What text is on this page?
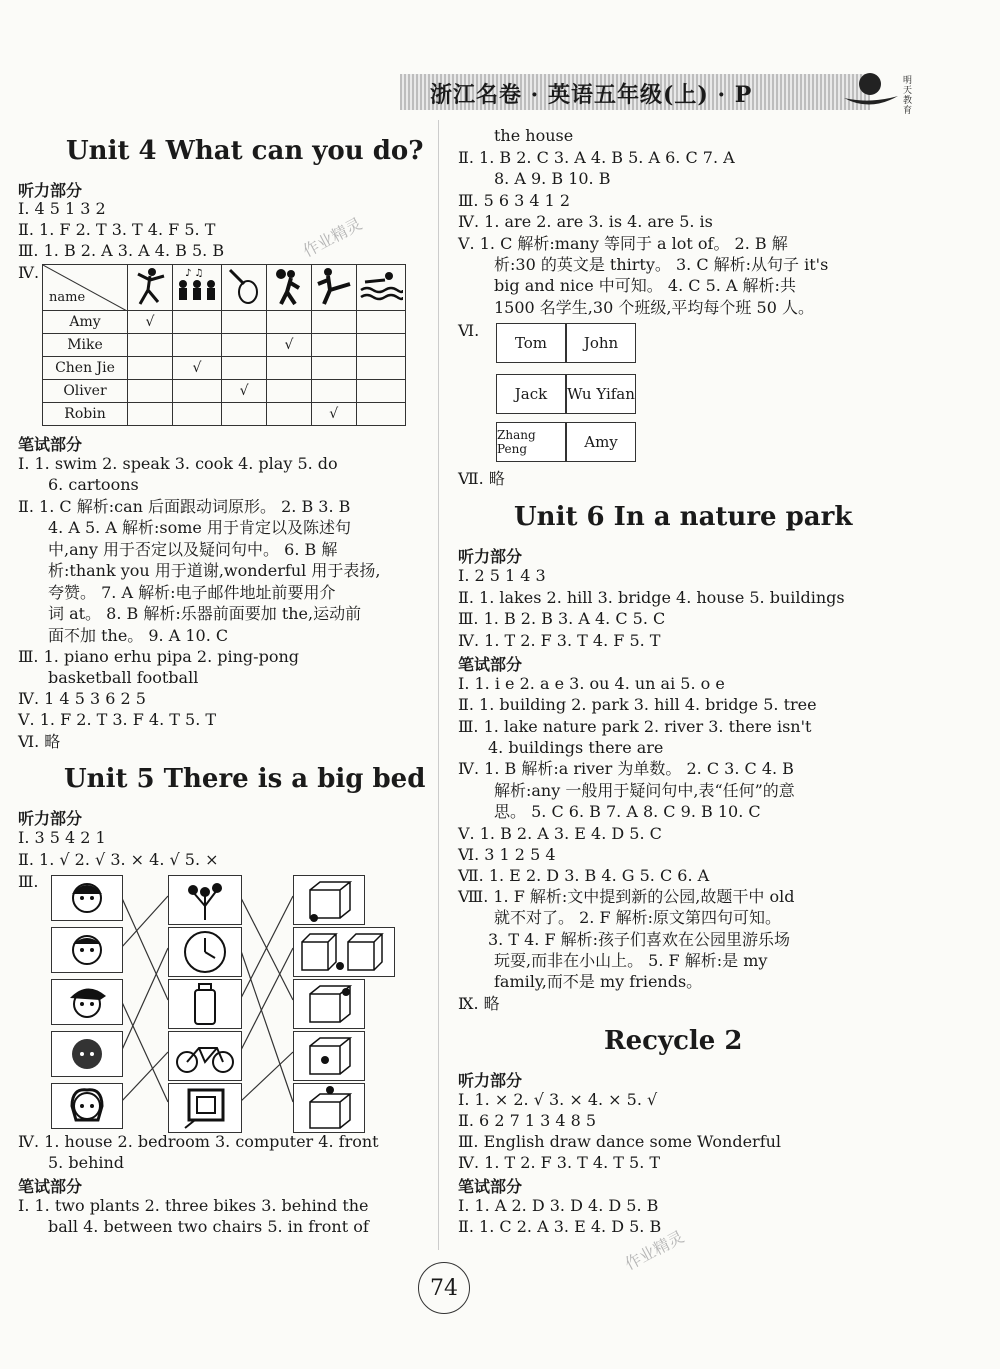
浙江名卷 · 英语五年级(上) · P
明天教育
Unit 4 What can you do?
听力部分
Ⅰ. 4 5 1 3 2
Ⅱ. 1. F 2. T 3. T 4. F 5. T
Ⅲ. 1. B 2. A 3. A 4. B 5. B
Ⅳ.
name		♪ ♫

Amy	√					
Mike				√		
Chen Jie		√				
Oliver			√			
Robin					√	
笔试部分
Ⅰ. 1. swim 2. speak 3. cook 4. play 5. do
6. cartoons
Ⅱ. 1. C 解析:can 后面跟动词原形。 2. B 3. B
4. A 5. A 解析:some 用于肯定以及陈述句
中,any 用于否定以及疑问句中。 6. B 解
析:thank you 用于道谢,wonderful 用于表扬,
夸赞。 7. A 解析:电子邮件地址前要用介
词 at。 8. B 解析:乐器前面要加 the,运动前
面不加 the。 9. A 10. C
Ⅲ. 1. piano erhu pipa 2. ping-pong
basketball football
Ⅳ. 1 4 5 3 6 2 5
Ⅴ. 1. F 2. T 3. F 4. T 5. T
Ⅵ. 略
Unit 5 There is a big bed
听力部分
Ⅰ. 3 5 4 2 1
Ⅱ. 1. √ 2. √ 3. × 4. √ 5. ×
Ⅲ.
Ⅳ. 1. house 2. bedroom 3. computer 4. front
5. behind
笔试部分
Ⅰ. 1. two plants 2. three bikes 3. behind the
ball 4. between two chairs 5. in front of
the house
Ⅱ. 1. B 2. C 3. A 4. B 5. A 6. C 7. A
8. A 9. B 10. B
Ⅲ. 5 6 3 4 1 2
Ⅳ. 1. are 2. are 3. is 4. are 5. is
Ⅴ. 1. C 解析:many 等同于 a lot of。 2. B 解
析:30 的英文是 thirty。 3. C 解析:从句子 it's
big and nice 中可知。 4. C 5. A 解析:共
1500 名学生,30 个班级,平均每个班 50 人。
Ⅵ.
Tom	John
Jack	Wu Yifan
Zhang Peng	Amy
Ⅶ. 略
Unit 6 In a nature park
听力部分
Ⅰ. 2 5 1 4 3
Ⅱ. 1. lakes 2. hill 3. bridge 4. house 5. buildings
Ⅲ. 1. B 2. B 3. A 4. C 5. C
Ⅳ. 1. T 2. F 3. T 4. F 5. T
笔试部分
Ⅰ. 1. i e 2. a e 3. ou 4. un ai 5. o e
Ⅱ. 1. building 2. park 3. hill 4. bridge 5. tree
Ⅲ. 1. lake nature park 2. river 3. there isn't
4. buildings there are
Ⅳ. 1. B 解析:a river 为单数。 2. C 3. C 4. B
解析:any 一般用于疑问句中,表“任何”的意
思。 5. C 6. B 7. A 8. C 9. B 10. C
Ⅴ. 1. B 2. A 3. E 4. D 5. C
Ⅵ. 3 1 2 5 4
Ⅶ. 1. E 2. D 3. B 4. G 5. C 6. A
Ⅷ. 1. F 解析:文中提到新的公园,故题干中 old
就不对了。 2. F 解析:原文第四句可知。
3. T 4. F 解析:孩子们喜欢在公园里游乐场
玩耍,而非在小山上。 5. F 解析:是 my
family,而不是 my friends。
Ⅸ. 略
Recycle 2
听力部分
Ⅰ. 1. × 2. √ 3. × 4. × 5. √
Ⅱ. 6 2 7 1 3 4 8 5
Ⅲ. English draw dance some Wonderful
Ⅳ. 1. T 2. F 3. T 4. T 5. T
笔试部分
Ⅰ. 1. A 2. D 3. D 4. D 5. B
Ⅱ. 1. C 2. A 3. E 4. D 5. B
作业精灵
作业精灵
74
